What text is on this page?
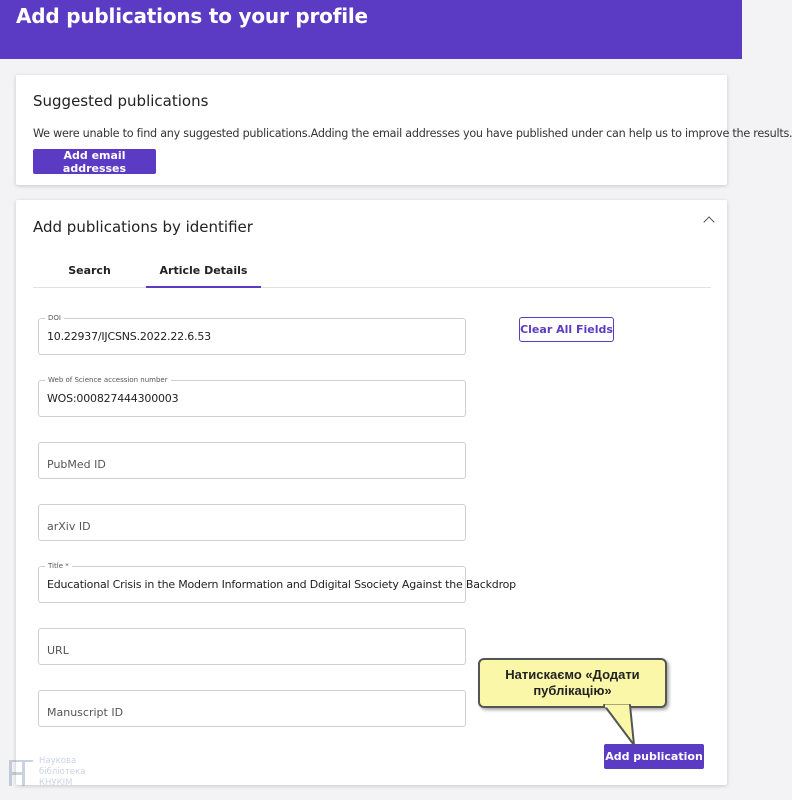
Add publications to your profile
Suggested publications
We were unable to find any suggested publications.Adding the email addresses you have published under can help us to improve the results.
Add email addresses
Add publications by identifier
Search	Article Details
DOI
10.22937/IJCSNS.2022.22.6.53
Clear All Fields
Web of Science accession number
WOS:000827444300003
PubMed ID
arXiv ID
Title *
Educational Crisis in the Modern Information and Ddigital Ssociety Against the Backdrop
URL
Manuscript ID
Add publication
Натискаємо «Додати
публікацію»
Наукова
бібліотека
КНУКІМ
